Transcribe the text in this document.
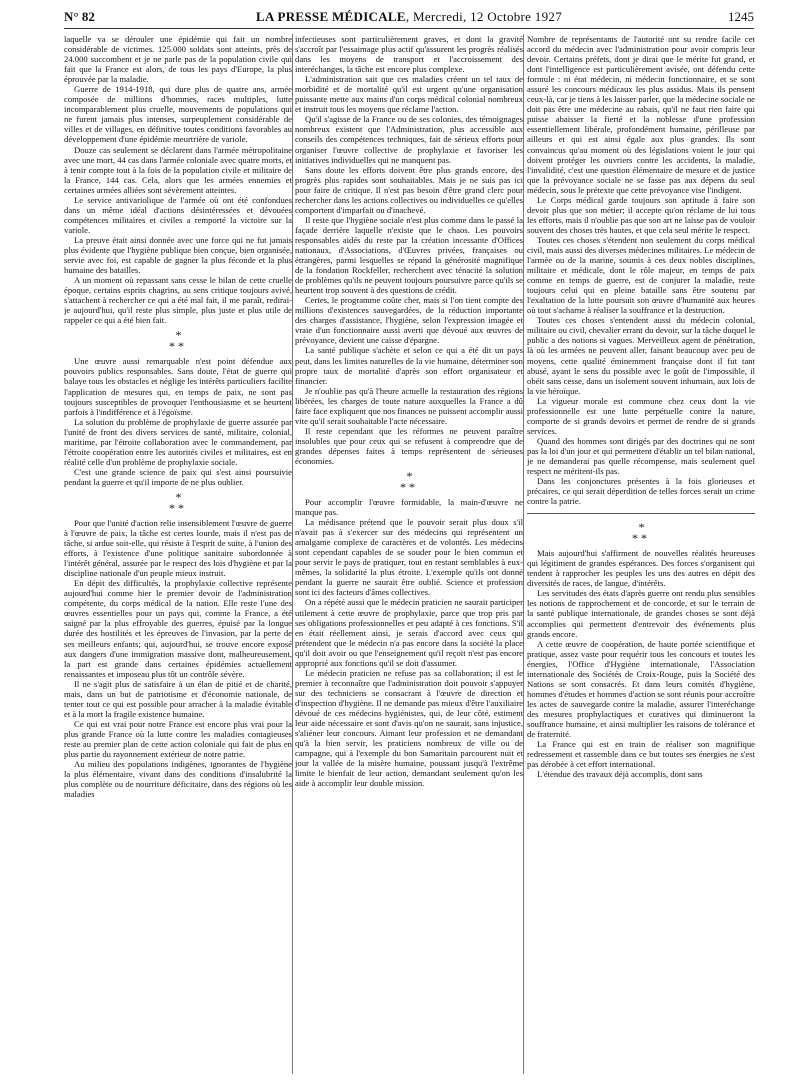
N° 82	LA PRESSE MÉDICALE, Mercredi, 12 Octobre 1927	1245

laquelle va se dérouler une épidémie qui fait un nombre considérable de victimes. 125.000 soldats sont atteints, près de 24.000 succombent et je ne parle pas de la population civile qui fait que la France est alors, de tous les pays d'Europe, la plus éprouvée par la maladie.

Guerre de 1914-1918, qui dure plus de quatre ans, armée composée de millions d'hommes, races multiples, lutte incomparablement plus cruelle, mouvements de populations qui ne furent jamais plus intenses, surpeuplement considérable de villes et de villages, en définitive toutes conditions favorables au développement d'une épidémie meurtrière de variole.

Douze cas seulement se déclarent dans l'armée métropolitaine avec une mort, 44 cas dans l'armée coloniale avec quatre morts, et à tenir compte tout à la fois de la population civile et militaire de la France, 144 cas. Cela, alors que les armées ennemies et certaines armées alliées sont sévèrement atteintes.

Le service antivariolique de l'armée où ont été confondues dans un même idéal d'actions désintéressées et dévouées compétences militaires et civiles a remporté la victoire sur la variole.

La preuve était ainsi donnée avec une force qui ne fut jamais plus évidente que l'hygiène publique bien conçue, bien organisée, servie avec foi, est capable de gagner la plus féconde et la plus humaine des batailles.

A un moment où repassant sans cesse le bilan de cette cruelle époque, certains esprits chagrins, au sens critique toujours avivé, s'attachent à rechercher ce qui a été mal fait, il me paraît, redirai-je aujourd'hui, qu'il reste plus simple, plus juste et plus utile de rappeler ce qui a été bien fait.

*
**

Une œuvre aussi remarquable n'est point défendue aux pouvoirs publics responsables. Sans doute, l'état de guerre qui balaye tous les obstacles et néglige les intérêts particuliers facilite l'application de mesures qui, en temps de paix, ne sont pas toujours susceptibles de provoquer l'enthousiasme et se heurtent parfois à l'indifférence et à l'égoïsme.

La solution du problème de prophylaxie de guerre assurée par l'unité de front des divers services de santé, militaire, colonial, maritime, par l'étroite collaboration avec le commandement, par l'étroite coopération entre les autorités civiles et militaires, est en réalité celle d'un problème de prophylaxie sociale.

C'est une grande science de paix qui s'est ainsi poursuivie pendant la guerre et qu'il importe de ne plus oublier.

*
**

Pour que l'unité d'action relie insensiblement l'œuvre de guerre à l'œuvre de paix, la tâche est certes lourde, mais il n'est pas de tâche, si ardue soit-elle, qui résiste à l'esprit de suite, à l'union des efforts, à l'existence d'une politique sanitaire subordonnée à l'intérêt général, assurée par le respect des lois d'hygiène et par la discipline nationale d'un peuple mieux instruit.

En dépit des difficultés, la prophylaxie collective représente aujourd'hui comme hier le premier devoir de l'administration compétente, du corps médical de la nation. Elle reste l'une des œuvres essentielles pour un pays qui, comme la France, a été saigné par la plus effroyable des guerres, épuisé par la longue durée des hostilités et les épreuves de l'invasion, par la perte de ses meilleurs enfants; qui, aujourd'hui, se trouve encore exposé aux dangers d'une immigration massive dont, malheureusement, la part est grande dans certaines épidémies actuellement renaissantes et imposeau plus tôt un contrôle sévère.

Il ne s'agit plus de satisfaire à un élan de pitié et de charité, mais, dans un but de patriotisme et d'économie nationale, de tenter tout ce qui est possible pour arracher à la maladie évitable et à la mort la fragile existence humaine.

Ce qui est vrai pour notre France est encore plus vrai pour la plus grande France où la lutte contre les maladies contagieuses reste au premier plan de cette action coloniale qui fait de plus en plus partie du rayonnement extérieur de notre patrie.

Au milieu des populations indigènes, ignorantes de l'hygiène la plus élémentaire, vivant dans des conditions d'insalubrité la plus complète ou de nourriture déficitaire, dans des régions où les maladies

infectieuses sont particulièrement graves, et dont la gravité s'accroît par l'essaimage plus actif qu'assurent les progrès réalisés dans les moyens de transport et l'accroissement des interéchanges, la tâche est encore plus complexe.

L'administration sait que ces maladies créent un tel taux de morbidité et de mortalité qu'il est urgent qu'une organisation puissante mette aux mains d'un corps médical colonial nombreux et instruit tous les moyens que réclame l'action.

Qu'il s'agisse de la France ou de ses colonies, des témoignages nombreux existent que l'Administration, plus accessible aux conseils des compétences techniques, fait de sérieux efforts pour organiser l'œuvre collective de prophylaxie et favoriser les initiatives individuelles qui ne manquent pas.

Sans doute les efforts doivent être plus grands encore, des progrès plus rapides sont souhaitables. Mais je ne suis pas ici pour faire de critique. Il n'est pas besoin d'être grand clerc pour rechercher dans les actions collectives ou individuelles ce qu'elles comportent d'imparfait ou d'inachevé.

Il reste que l'hygiène sociale n'est plus comme dans le passé la façade derrière laquelle n'existe que le chaos. Les pouvoirs responsables aidés du reste par la création incessante d'Offices nationaux, d'Associations, d'Œuvres privées, françaises ou étrangères, parmi lesquelles se répand la générosité magnifique de la fondation Rockfeller, recherchent avec ténacité la solution de problèmes qu'ils ne peuvent toujours poursuivre parce qu'ils se heurtent trop souvent à des questions de crédit.

Certes, le programme coûte cher, mais si l'on tient compte des millions d'existences sauvegardées, de la réduction importante des charges d'assistance, l'hygiène, selon l'expression imagée et vraie d'un fonctionnaire aussi averti que dévoué aux œuvres de prévoyance, devient une caisse d'épargne.

La santé publique s'achète et selon ce qui a été dit un pays peut, dans les limites naturelles de la vie humaine, déterminer son propre taux de mortalité d'après son effort organisateur et financier.

Je n'oublie pas qu'à l'heure actuelle la restauration des régions libérées, les charges de toute nature auxquelles la France a dû faire face expliquent que nos finances ne puissent accomplir aussi vite qu'il serait souhaitable l'acte nécessaire.

Il reste cependant que les réformes ne peuvent paraître insolubles que pour ceux qui se refusent à comprendre que de grandes dépenses faites à temps représentent de sérieuses économies.

*
**

Pour accomplir l'œuvre formidable, la main-d'œuvre ne manque pas.

La médisance prétend que le pouvoir serait plus doux s'il n'avait pas à s'exercer sur des médecins qui représentent un amalgame complexe de caractères et de volontés. Les médecins sont cependant capables de se souder pour le bien commun et pour servir le pays de pratiquer, tout en restant semblables à eux-mêmes, la solidarité la plus étroite. L'exemple qu'ils ont donné pendant la guerre ne saurait être oublié. Science et profession sont ici des facteurs d'âmes collectives.

On a répété aussi que le médecin praticien ne saurait participer utilement à cette œuvre de prophylaxie, parce que trop pris par ses obligations professionnelles et peu adapté à ces fonctions. S'il en était réellement ainsi, je serais d'accord avec ceux qui prétendent que le médecin n'a pas encore dans la société la place qu'il doit avoir ou que l'enseignement qu'il reçoit n'est pas encore approprié aux fonctions qu'il se doit d'assumer.

Le médecin praticien ne refuse pas sa collaboration; il est le premier à reconnaître que l'administration doit pouvoir s'appuyer sur des techniciens se consacrant à l'œuvre de direction et d'inspection d'hygiène. Il ne demande pas mieux d'être l'auxiliaire dévoué de ces médecins hygiénistes, qui, de leur côté, estiment leur aide nécessaire et sont d'avis qu'on ne saurait, sans injustice, s'aliéner leur concours. Aimant leur profession et ne demandant qu'à la bien servir, les praticiens nombreux de ville ou de campagne, qui à l'exemple du bon Samaritain parcourent nuit et jour la vallée de la misère humaine, poussant jusqu'à l'extrême limite le bienfait de leur action, demandant seulement qu'on les aide à accomplir leur double mission.

Nombre de représentants de l'autorité ont su rendre facile cet accord du médecin avec l'administration pour avoir compris leur devoir. Certains préfets, dont je dirai que le mérite fut grand, et dont l'intelligence est particulièrement avisée, ont défendu cette formule : ni état médecin, ni médecin fonctionnaire, et se sont assuré les concours médicaux les plus assidus. Mais ils pensent ceux-là, car je tiens à les laisser parler, que la médecine sociale ne doit pas être une médecine au rabais, qu'il ne faut rien faire qui puisse abaisser la fierté et la noblesse d'une profession essentiellement libérale, profondément humaine, périlleuse par ailleurs et qui est ainsi égale aux plus grandes. Ils sont convaincus qu'au moment où des législations voient le jour qui doivent protéger les ouvriers contre les accidents, la maladie, l'invalidité, c'est une question élémentaire de mesure et de justice que la prévoyance sociale ne se fasse pas aux dépens du seul médecin, sous le prétexte que cette prévoyance vise l'indigent.

Le Corps médical garde toujours son aptitude à faire son devoir plus que son métier; il accepte qu'on réclame de lui tous les efforts, mais il n'oublie pas que son art ne laisse pas de vouloir souvent des choses très hautes, et que cela seul mérite le respect.

Toutes ces choses s'étendent non seulement du corps médical civil, mais aussi des diverses médecines militaires. Le médecin de l'armée ou de la marine, soumis à ces deux nobles disciplines, militaire et médicale, dont le rôle majeur, en temps de paix comme en temps de guerre, est de conjurer la maladie, reste toujours celui qui en pleine bataille sans être soutenu par l'exaltation de la lutte poursuit son œuvre d'humanité aux heures où tout s'acharne à réaliser la souffrance et la destruction.

Toutes ces choses s'entendent aussi du médecin colonial, militaire ou civil, chevalier errant du devoir, sur la tâche duquel le public a des notions si vagues. Merveilleux agent de pénétration, là où les armées ne peuvent aller, faisant beaucoup avec peu de moyens, cette qualité éminemment française dont il fut tant abusé, ayant le sens du possible avec le goût de l'impossible, il obéit sans cesse, dans un isolement souvent inhumain, aux lois de la vie héroïque.

La vigueur morale est commune chez ceux dont la vie professionnelle est une lutte perpétuelle contre la nature, comporte de si grands devoirs et permet de rendre de si grands services.

Quand des hommes sont dirigés par des doctrines qui ne sont pas la loi d'un jour et qui permettent d'établir un tel bilan national, je ne demanderai pas quelle récompense, mais seulement quel respect ne méritent-ils pas.

Dans les conjonctures présentes à la fois glorieuses et précaires, ce qui serait déperdition de telles forces serait un crime contre la patrie.

*
**

Mais aujourd'hui s'affirment de nouvelles réalités heureuses qui légitiment de grandes espérances. Des forces s'organisent qui tendent à rapprocher les peuples les uns des autres en dépit des diversités de races, de langue, d'intérêts.

Les servitudes des états d'après guerre ont rendu plus sensibles les notions de rapprochement et de concorde, et sur le terrain de la santé publique internationale, de grandes choses se sont déjà accomplies qui permettent d'entrevoir des événements plus grands encore.

A cette œuvre de coopération, de haute portée scientifique et pratique, assez vaste pour requérir tous les concours et toutes les énergies, l'Office d'Hygiène internationale, l'Association internationale des Sociétés de Croix-Rouge, puis la Société des Nations se sont consacrés. Et dans leurs comités d'hygiène, hommes d'études et hommes d'action se sont réunis pour accroître les actes de sauvegarde contre la maladie, assurer l'interéchange des mesures prophylactiques et curatives qui diminueront la souffrance humaine, et ainsi multiplier les raisons de tolérance et de fraternité.

La France qui est en train de réaliser son magnifique redressement et rassemble dans ce but toutes ses énergies ne s'est pas dérobée à cet effort international.

L'étendue des travaux déjà accomplis, dont sans
